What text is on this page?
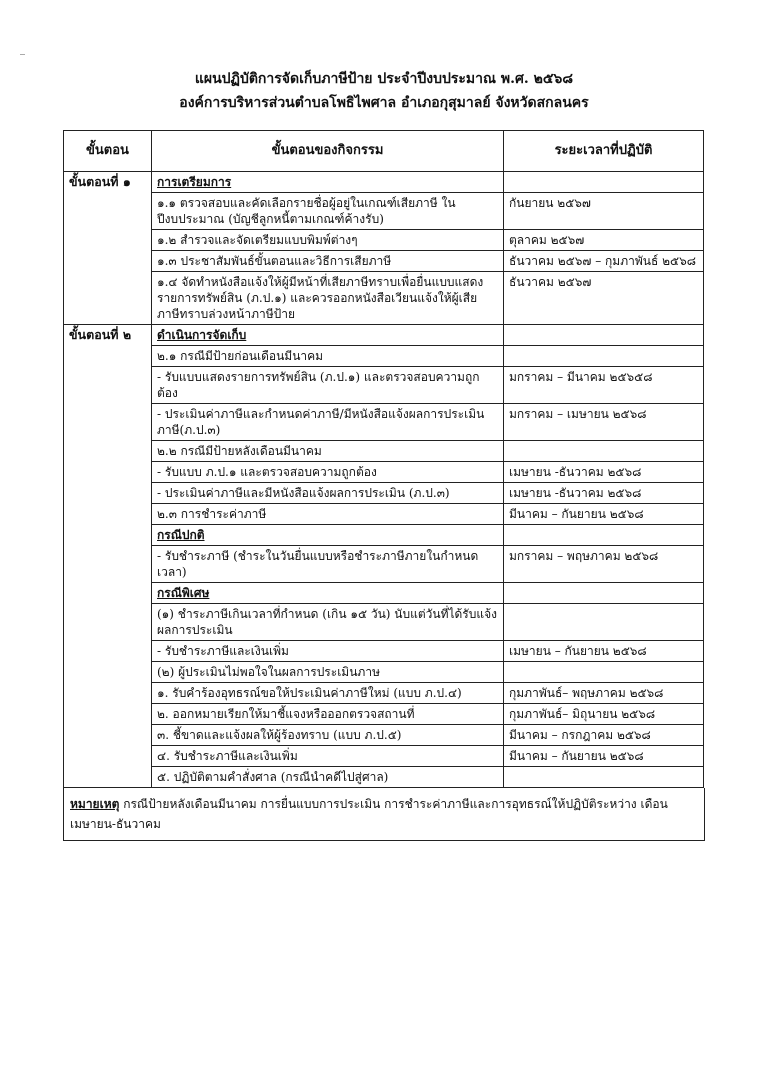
แผนปฏิบัติการจัดเก็บภาษีป้าย ประจำปีงบประมาณ พ.ศ. ๒๕๖๘
องค์การบริหารส่วนตำบลโพธิไพศาล อำเภอกุสุมาลย์ จังหวัดสกลนคร
ขั้นตอน	ขั้นตอนของกิจกรรม	ระยะเวลาที่ปฏิบัติ
ขั้นตอนที่ ๑	การเตรียมการ	
	๑.๑ ตรวจสอบและคัดเลือกรายชื่อผู้อยู่ในเกณฑ์เสียภาษี ในปีงบประมาณ (บัญชีลูกหนี้ตามเกณฑ์ค้างรับ)	กันยายน ๒๕๖๗
	๑.๒ สำรวจและจัดเตรียมแบบพิมพ์ต่างๆ	ตุลาคม ๒๕๖๗
	๑.๓ ประชาสัมพันธ์ขั้นตอนและวิธีการเสียภาษี	ธันวาคม ๒๕๖๗ – กุมภาพันธ์ ๒๕๖๘
	๑.๔ จัดทำหนังสือแจ้งให้ผู้มีหน้าที่เสียภาษีทราบเพื่อยื่นแบบแสดง รายการทรัพย์สิน (ภ.ป.๑) และควรออกหนังสือเวียนแจ้งให้ผู้เสีย ภาษีทราบล่วงหน้าภาษีป้าย	ธันวาคม ๒๕๖๗
ขั้นตอนที่ ๒	ดำเนินการจัดเก็บ	
	๒.๑ กรณีมีป้ายก่อนเดือนมีนาคม	
	- รับแบบแสดงรายการทรัพย์สิน (ภ.ป.๑) และตรวจสอบความถูกต้อง	มกราคม – มีนาคม ๒๕๖๕๘
	- ประเมินค่าภาษีและกำหนดค่าภาษี/มีหนังสือแจ้งผลการประเมินภาษี(ภ.ป.๓)	มกราคม – เมษายน ๒๕๖๘
	๒.๒ กรณีมีป้ายหลังเดือนมีนาคม	
	- รับแบบ ภ.ป.๑ และตรวจสอบความถูกต้อง	เมษายน -ธันวาคม ๒๕๖๘
	- ประเมินค่าภาษีและมีหนังสือแจ้งผลการประเมิน (ภ.ป.๓)	เมษายน -ธันวาคม ๒๕๖๘
	๒.๓ การชำระค่าภาษี	มีนาคม – กันยายน ๒๕๖๘
	กรณีปกติ	
	- รับชำระภาษี (ชำระในวันยื่นแบบหรือชำระภาษีภายในกำหนดเวลา)	มกราคม – พฤษภาคม ๒๕๖๘
	กรณีพิเศษ	
	(๑) ชำระภาษีเกินเวลาที่กำหนด (เกิน ๑๕ วัน) นับแต่วันที่ได้รับแจ้งผลการประเมิน	
	- รับชำระภาษีและเงินเพิ่ม	เมษายน – กันยายน ๒๕๖๘
	(๒) ผู้ประเมินไม่พอใจในผลการประเมินภาษ	
	๑. รับคำร้องอุทธรณ์ขอให้ประเมินค่าภาษีใหม่ (แบบ ภ.ป.๔)	กุมภาพันธ์– พฤษภาคม ๒๕๖๘
	๒. ออกหมายเรียกให้มาชี้แจงหรือออกตรวจสถานที่	กุมภาพันธ์– มิถุนายน ๒๕๖๘
	๓. ชี้ขาดและแจ้งผลให้ผู้ร้องทราบ (แบบ ภ.ป.๕)	มีนาคม – กรกฎาคม ๒๕๖๘
	๔. รับชำระภาษีและเงินเพิ่ม	มีนาคม – กันยายน ๒๕๖๘
	๕. ปฏิบัติตามคำสั่งศาล (กรณีนำคดีไปสู่ศาล)	
หมายเหตุ กรณีป้ายหลังเดือนมีนาคม การยื่นแบบการประเมิน การชำระค่าภาษีและการอุทธรณ์ให้ปฏิบัติระหว่าง เดือน เมษายน-ธันวาคม
